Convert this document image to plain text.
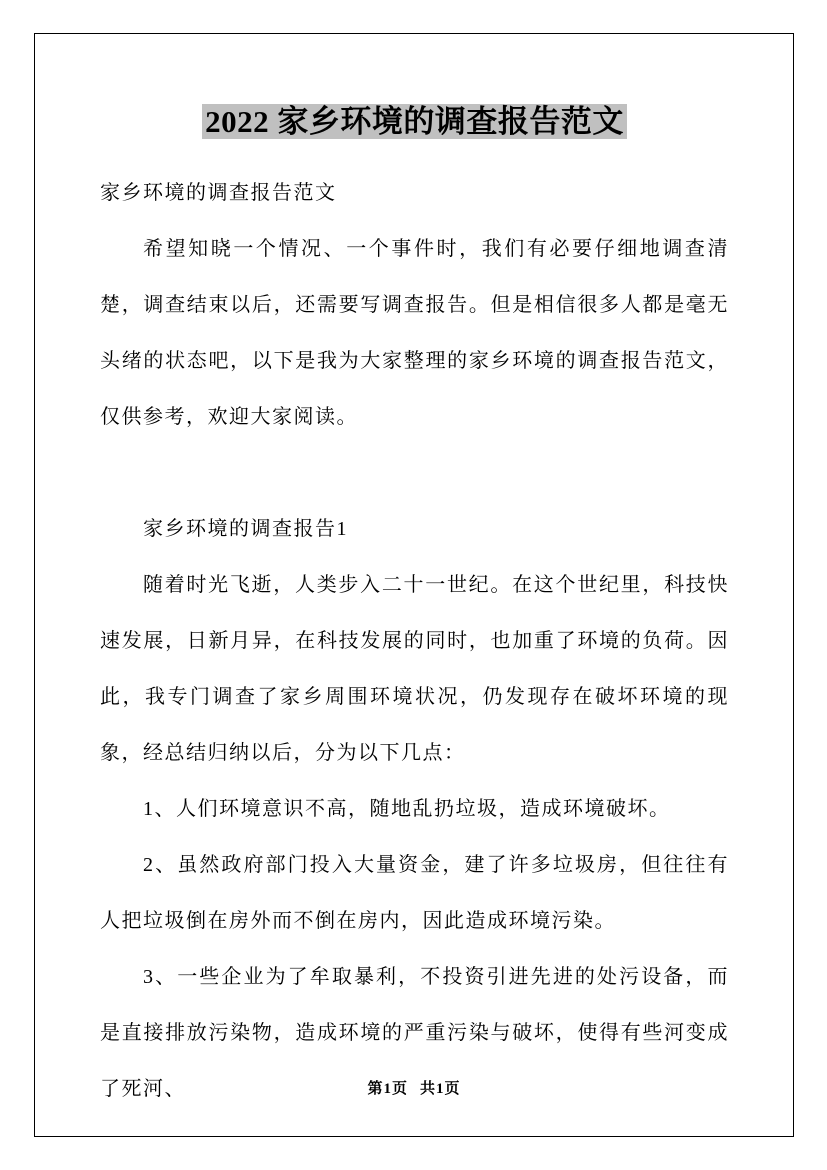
2022 家乡环境的调查报告范文

家乡环境的调查报告范文

希望知晓一个情况、一个事件时，我们有必要仔细地调查清楚，调查结束以后，还需要写调查报告。但是相信很多人都是毫无头绪的状态吧，以下是我为大家整理的家乡环境的调查报告范文，仅供参考，欢迎大家阅读。

家乡环境的调查报告1

随着时光飞逝，人类步入二十一世纪。在这个世纪里，科技快速发展，日新月异，在科技发展的同时，也加重了环境的负荷。因此，我专门调查了家乡周围环境状况，仍发现存在破坏环境的现象，经总结归纳以后，分为以下几点：

1、人们环境意识不高，随地乱扔垃圾，造成环境破坏。

2、虽然政府部门投入大量资金，建了许多垃圾房，但往往有人把垃圾倒在房外而不倒在房内，因此造成环境污染。

3、一些企业为了牟取暴利，不投资引进先进的处污设备，而是直接排放污染物，造成环境的严重污染与破坏，使得有些河变成了死河、	第1页 共1页
